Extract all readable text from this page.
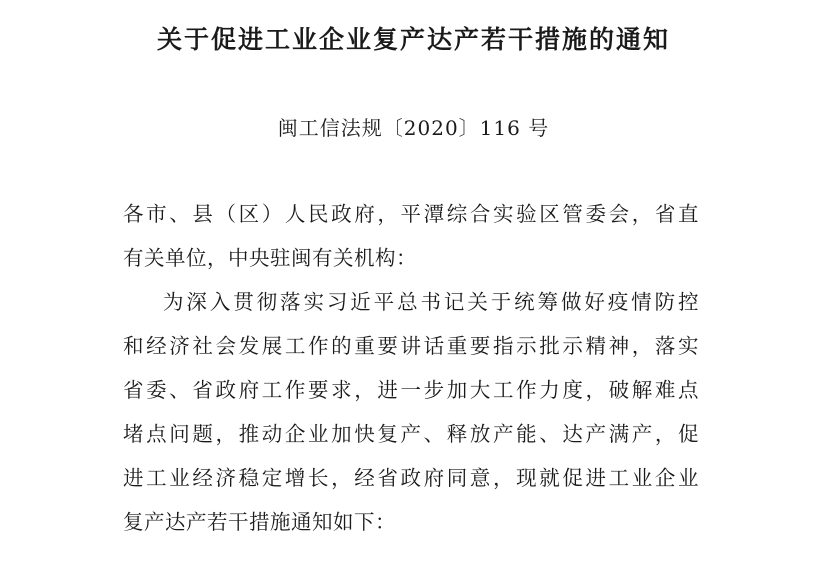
关于促进工业企业复产达产若干措施的通知
闽工信法规〔2020〕116 号
各市、县（区）人民政府，平潭综合实验区管委会，省直
有关单位，中央驻闽有关机构：
为深入贯彻落实习近平总书记关于统筹做好疫情防控
和经济社会发展工作的重要讲话重要指示批示精神，落实
省委、省政府工作要求，进一步加大工作力度，破解难点
堵点问题，推动企业加快复产、释放产能、达产满产，促
进工业经济稳定增长，经省政府同意，现就促进工业企业
复产达产若干措施通知如下：
